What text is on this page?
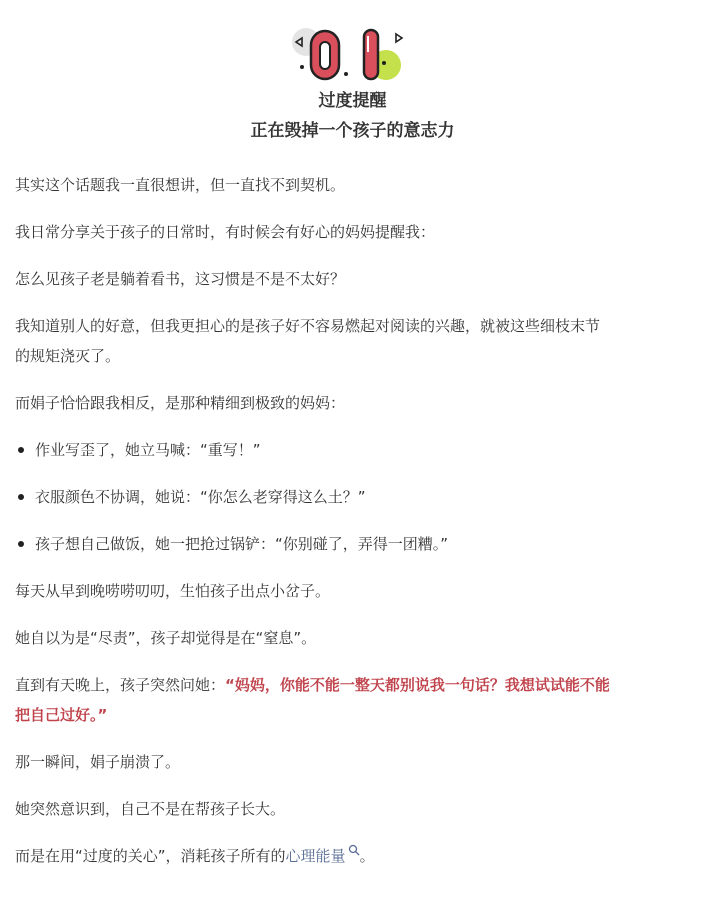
过度提醒
正在毁掉一个孩子的意志力

其实这个话题我一直很想讲，但一直找不到契机。

我日常分享关于孩子的日常时，有时候会有好心的妈妈提醒我：

怎么见孩子老是躺着看书，这习惯是不是不太好？

我知道别人的好意，但我更担心的是孩子好不容易燃起对阅读的兴趣，就被这些细枝末节
的规矩浇灭了。

而娟子恰恰跟我相反，是那种精细到极致的妈妈：

作业写歪了，她立马喊：“重写！”
衣服颜色不协调，她说：“你怎么老穿得这么土？”
孩子想自己做饭，她一把抢过锅铲：“你别碰了，弄得一团糟。”

每天从早到晚唠唠叨叨，生怕孩子出点小岔子。

她自以为是“尽责”，孩子却觉得是在“窒息”。

直到有天晚上，孩子突然问她：“妈妈，你能不能一整天都别说我一句话？我想试试能不能
把自己过好。”

那一瞬间，娟子崩溃了。

她突然意识到，自己不是在帮孩子长大。

而是在用“过度的关心”，消耗孩子所有的心理能量 。
